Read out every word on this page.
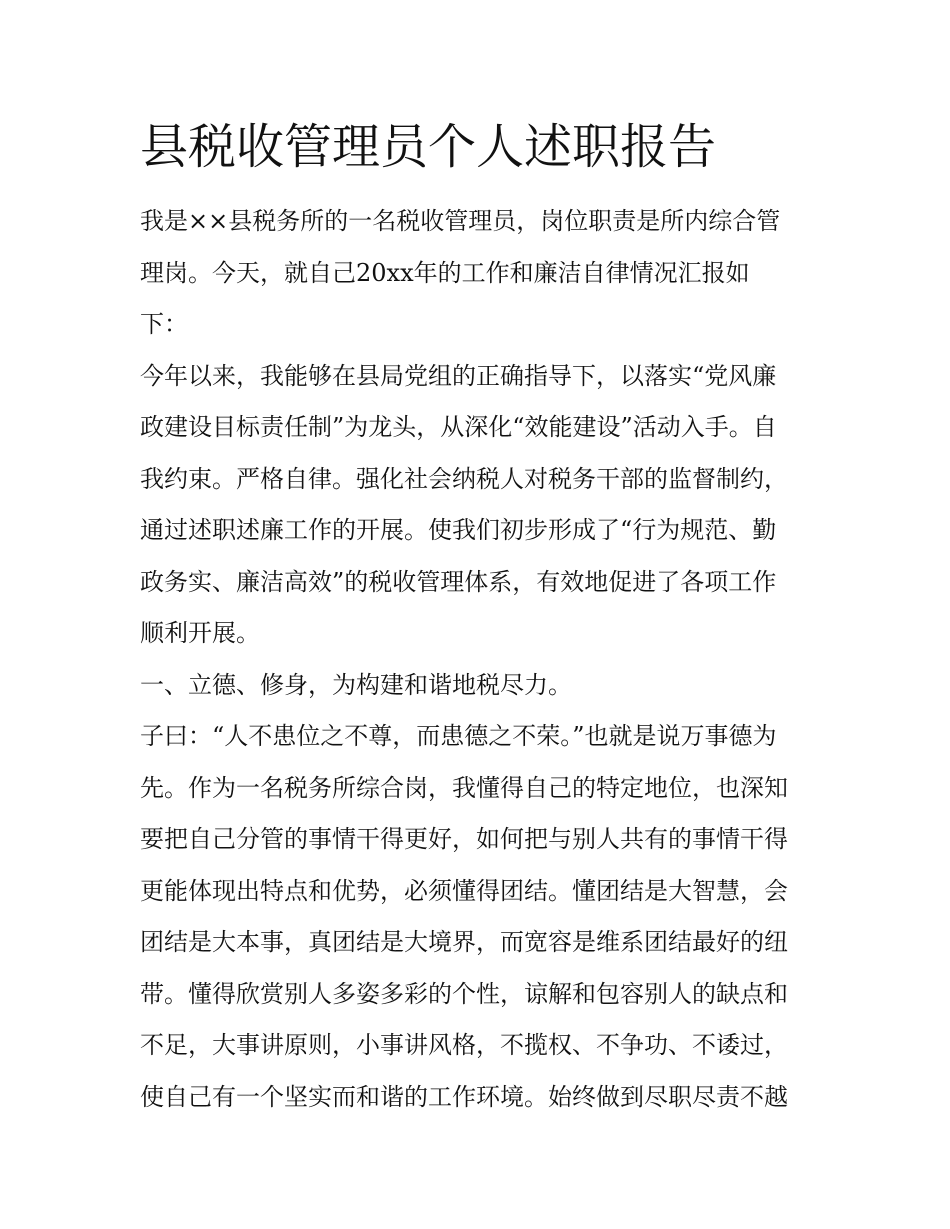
县税收管理员个人述职报告
我是××县税务所的一名税收管理员，岗位职责是所内综合管
理岗。今天，就自己20xx年的工作和廉洁自律情况汇报如
下：
今年以来，我能够在县局党组的正确指导下，以落实“党风廉
政建设目标责任制”为龙头，从深化“效能建设”活动入手。自
我约束。严格自律。强化社会纳税人对税务干部的监督制约，
通过述职述廉工作的开展。使我们初步形成了“行为规范、勤
政务实、廉洁高效”的税收管理体系，有效地促进了各项工作
顺利开展。
一、立德、修身，为构建和谐地税尽力。
子曰：“人不患位之不尊，而患德之不荣。”也就是说万事德为
先。作为一名税务所综合岗，我懂得自己的特定地位，也深知
要把自己分管的事情干得更好，如何把与别人共有的事情干得
更能体现出特点和优势，必须懂得团结。懂团结是大智慧，会
团结是大本事，真团结是大境界，而宽容是维系团结最好的纽
带。懂得欣赏别人多姿多彩的个性，谅解和包容别人的缺点和
不足，大事讲原则，小事讲风格，不揽权、不争功、不诿过，
使自己有一个坚实而和谐的工作环境。始终做到尽职尽责不越
